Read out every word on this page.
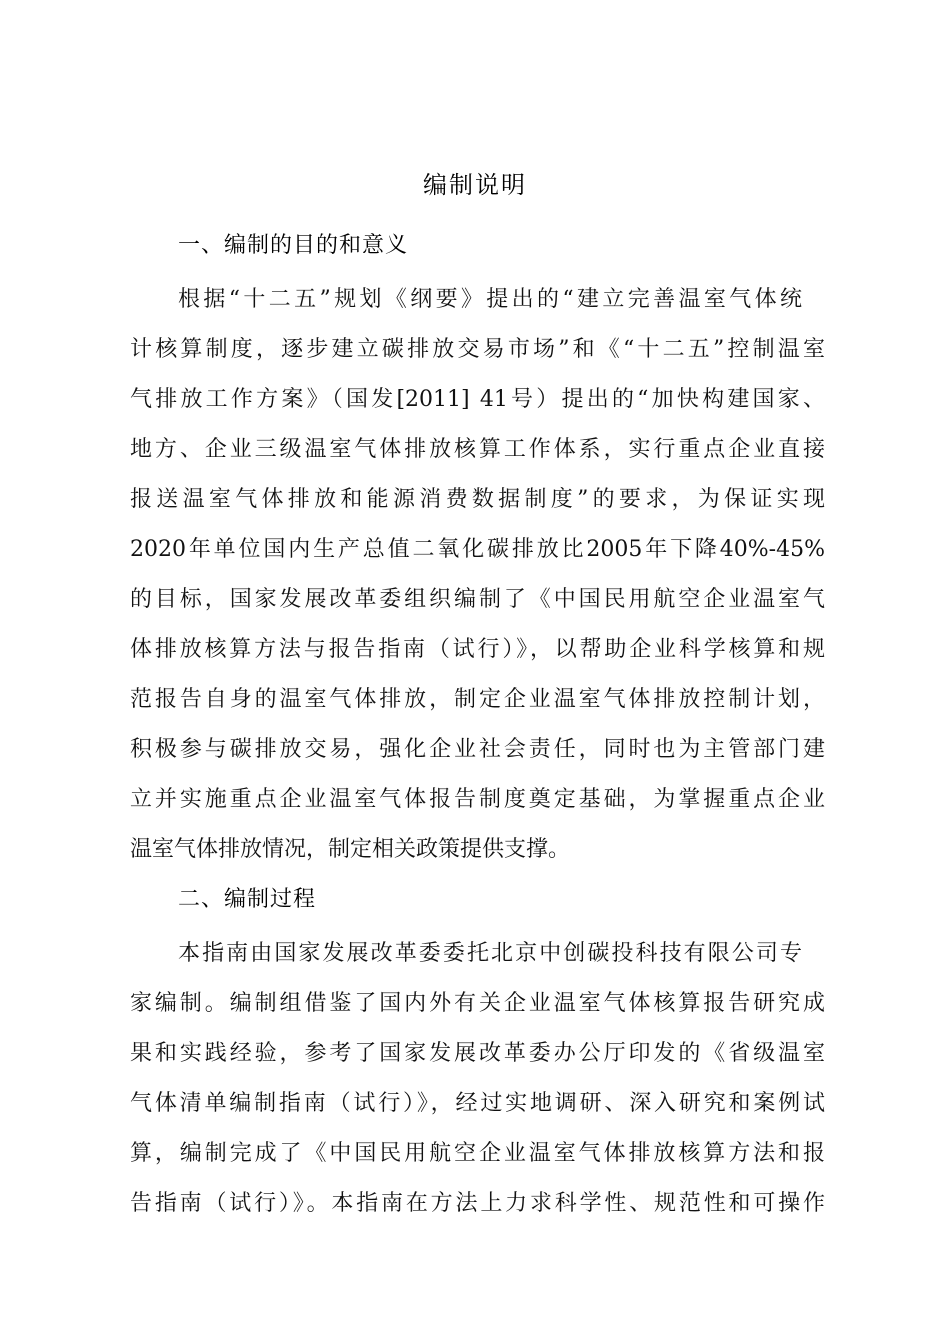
编制说明
一、编制的目的和意义
根据“十二五”规划《纲要》提出的“建立完善温室气体统
计核算制度，逐步建立碳排放交易市场”和《“十二五”控制温室
气排放工作方案》（国发[2011] 41号）提出的“加快构建国家、
地方、企业三级温室气体排放核算工作体系，实行重点企业直接
报送温室气体排放和能源消费数据制度”的要求，为保证实现
2020年单位国内生产总值二氧化碳排放比2005年下降40%-45%
的目标，国家发展改革委组织编制了《中国民用航空企业温室气
体排放核算方法与报告指南（试行）》，以帮助企业科学核算和规
范报告自身的温室气体排放，制定企业温室气体排放控制计划，
积极参与碳排放交易，强化企业社会责任，同时也为主管部门建
立并实施重点企业温室气体报告制度奠定基础，为掌握重点企业
温室气体排放情况，制定相关政策提供支撑。
二、编制过程
本指南由国家发展改革委委托北京中创碳投科技有限公司专
家编制。编制组借鉴了国内外有关企业温室气体核算报告研究成
果和实践经验，参考了国家发展改革委办公厅印发的《省级温室
气体清单编制指南（试行）》，经过实地调研、深入研究和案例试
算，编制完成了《中国民用航空企业温室气体排放核算方法和报
告指南（试行）》。本指南在方法上力求科学性、规范性和可操作
